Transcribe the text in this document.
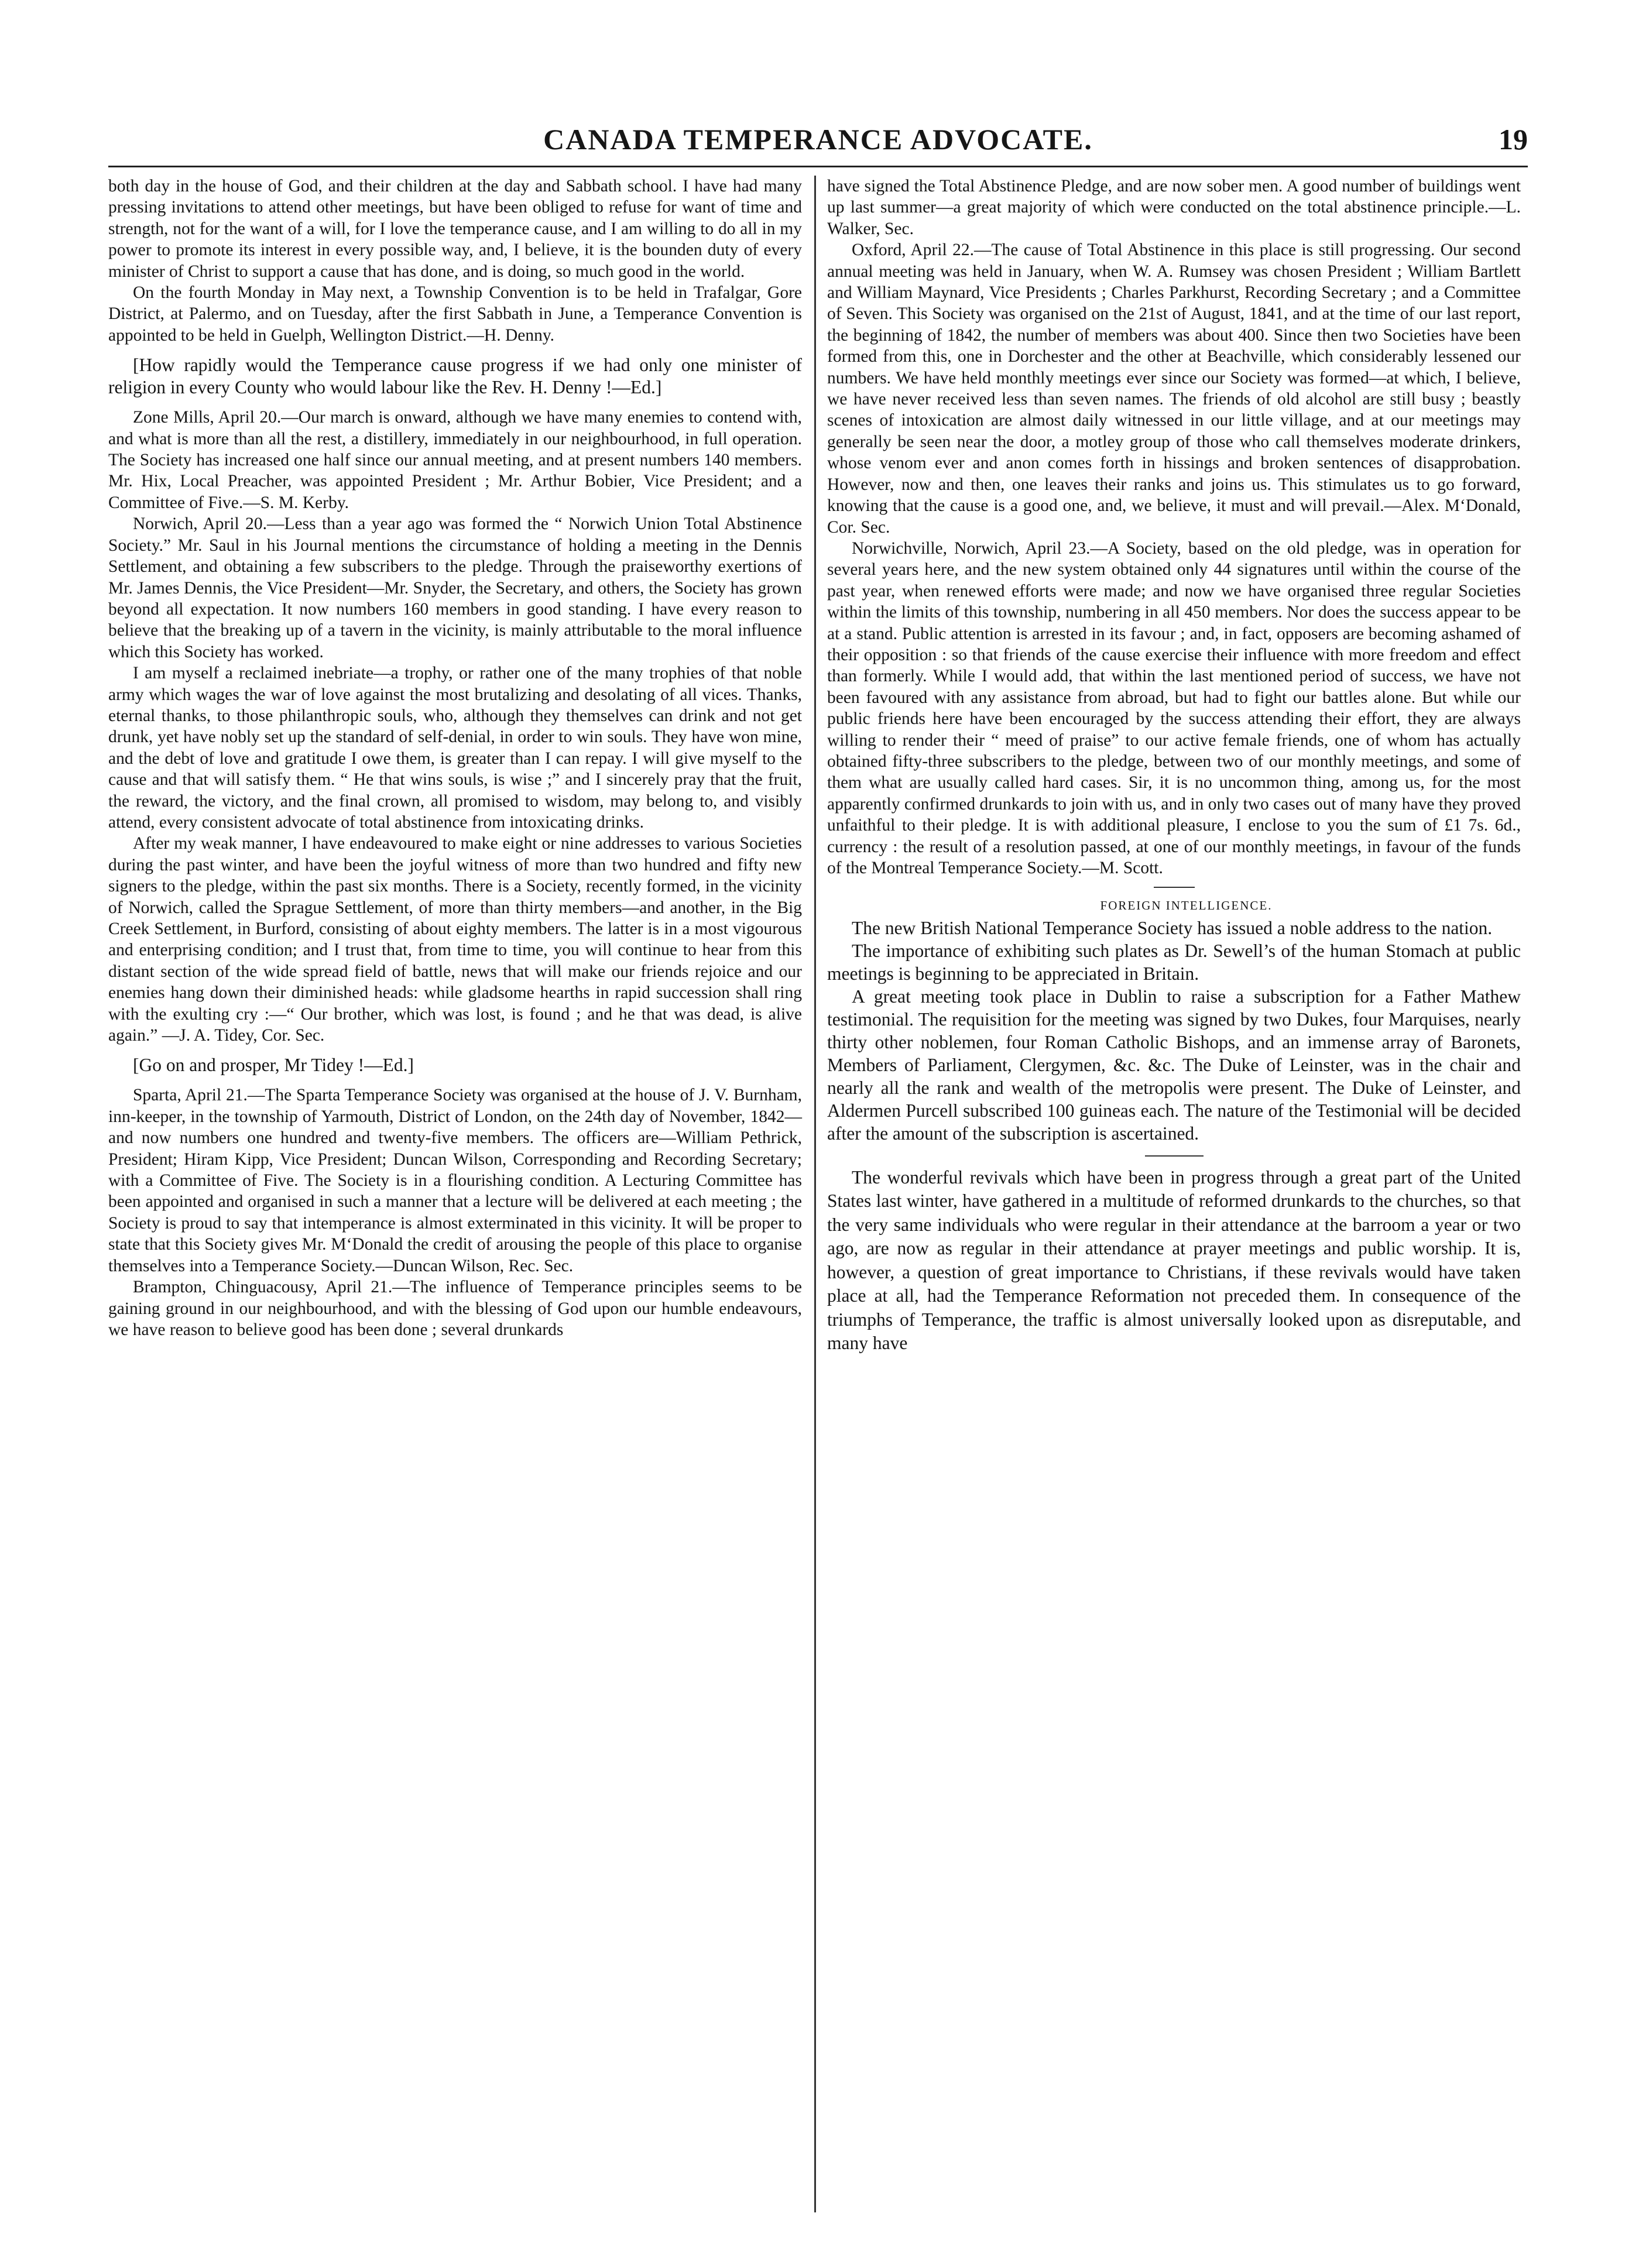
CANADA TEMPERANCE ADVOCATE.	19

both day in the house of God, and their children at the day and Sabbath school. I have had many pressing invitations to attend other meetings, but have been obliged to refuse for want of time and strength, not for the want of a will, for I love the temperance cause, and I am willing to do all in my power to promote its interest in every possible way, and, I believe, it is the bounden duty of every minister of Christ to support a cause that has done, and is doing, so much good in the world.

On the fourth Monday in May next, a Township Convention is to be held in Trafalgar, Gore District, at Palermo, and on Tuesday, after the first Sabbath in June, a Temperance Convention is appointed to be held in Guelph, Wellington District.—H. Denny.

[How rapidly would the Temperance cause progress if we had only one minister of religion in every County who would labour like the Rev. H. Denny !—Ed.]

Zone Mills, April 20.—Our march is onward, although we have many enemies to contend with, and what is more than all the rest, a distillery, immediately in our neighbourhood, in full operation. The Society has increased one half since our annual meeting, and at present numbers 140 members. Mr. Hix, Local Preacher, was appointed President ; Mr. Arthur Bobier, Vice President; and a Committee of Five.—S. M. Kerby.

Norwich, April 20.—Less than a year ago was formed the “ Norwich Union Total Abstinence Society.” Mr. Saul in his Journal mentions the circumstance of holding a meeting in the Dennis Settlement, and obtaining a few subscribers to the pledge. Through the praiseworthy exertions of Mr. James Dennis, the Vice President—Mr. Snyder, the Secretary, and others, the Society has grown beyond all expectation. It now numbers 160 members in good standing. I have every reason to believe that the breaking up of a tavern in the vicinity, is mainly attributable to the moral influence which this Society has worked.

I am myself a reclaimed inebriate—a trophy, or rather one of the many trophies of that noble army which wages the war of love against the most brutalizing and desolating of all vices. Thanks, eternal thanks, to those philanthropic souls, who, although they themselves can drink and not get drunk, yet have nobly set up the standard of self-denial, in order to win souls. They have won mine, and the debt of love and gratitude I owe them, is greater than I can repay. I will give myself to the cause and that will satisfy them. “ He that wins souls, is wise ;” and I sincerely pray that the fruit, the reward, the victory, and the final crown, all promised to wisdom, may belong to, and visibly attend, every consistent advocate of total abstinence from intoxicating drinks.

After my weak manner, I have endeavoured to make eight or nine addresses to various Societies during the past winter, and have been the joyful witness of more than two hundred and fifty new signers to the pledge, within the past six months. There is a Society, recently formed, in the vicinity of Norwich, called the Sprague Settlement, of more than thirty members—and another, in the Big Creek Settlement, in Burford, consisting of about eighty members. The latter is in a most vigourous and enterprising condition; and I trust that, from time to time, you will continue to hear from this distant section of the wide spread field of battle, news that will make our friends rejoice and our enemies hang down their diminished heads: while gladsome hearths in rapid succession shall ring with the exulting cry :—“ Our brother, which was lost, is found ; and he that was dead, is alive again.” —J. A. Tidey, Cor. Sec.

[Go on and prosper, Mr Tidey !—Ed.]

Sparta, April 21.—The Sparta Temperance Society was organised at the house of J. V. Burnham, inn-keeper, in the township of Yarmouth, District of London, on the 24th day of November, 1842—and now numbers one hundred and twenty-five members. The officers are—William Pethrick, President; Hiram Kipp, Vice President; Duncan Wilson, Corresponding and Recording Secretary; with a Committee of Five. The Society is in a flourishing condition. A Lecturing Committee has been appointed and organised in such a manner that a lecture will be delivered at each meeting ; the Society is proud to say that intemperance is almost exterminated in this vicinity. It will be proper to state that this Society gives Mr. M‘Donald the credit of arousing the people of this place to organise themselves into a Temperance Society.—Duncan Wilson, Rec. Sec.

Brampton, Chinguacousy, April 21.—The influence of Temperance principles seems to be gaining ground in our neighbourhood, and with the blessing of God upon our humble endeavours, we have reason to believe good has been done ; several drunkards

have signed the Total Abstinence Pledge, and are now sober men. A good number of buildings went up last summer—a great majority of which were conducted on the total abstinence principle.—L. Walker, Sec.

Oxford, April 22.—The cause of Total Abstinence in this place is still progressing. Our second annual meeting was held in January, when W. A. Rumsey was chosen President ; William Bartlett and William Maynard, Vice Presidents ; Charles Parkhurst, Recording Secretary ; and a Committee of Seven. This Society was organised on the 21st of August, 1841, and at the time of our last report, the beginning of 1842, the number of members was about 400. Since then two Societies have been formed from this, one in Dorchester and the other at Beachville, which considerably lessened our numbers. We have held monthly meetings ever since our Society was formed—at which, I believe, we have never received less than seven names. The friends of old alcohol are still busy ; beastly scenes of intoxication are almost daily witnessed in our little village, and at our meetings may generally be seen near the door, a motley group of those who call themselves moderate drinkers, whose venom ever and anon comes forth in hissings and broken sentences of disapprobation. However, now and then, one leaves their ranks and joins us. This stimulates us to go forward, knowing that the cause is a good one, and, we believe, it must and will prevail.—Alex. M‘Donald, Cor. Sec.

Norwichville, Norwich, April 23.—A Society, based on the old pledge, was in operation for several years here, and the new system obtained only 44 signatures until within the course of the past year, when renewed efforts were made; and now we have organised three regular Societies within the limits of this township, numbering in all 450 members. Nor does the success appear to be at a stand. Public attention is arrested in its favour ; and, in fact, opposers are becoming ashamed of their opposition : so that friends of the cause exercise their influence with more freedom and effect than formerly. While I would add, that within the last mentioned period of success, we have not been favoured with any assistance from abroad, but had to fight our battles alone. But while our public friends here have been encouraged by the success attending their effort, they are always willing to render their “ meed of praise” to our active female friends, one of whom has actually obtained fifty-three subscribers to the pledge, between two of our monthly meetings, and some of them what are usually called hard cases. Sir, it is no uncommon thing, among us, for the most apparently confirmed drunkards to join with us, and in only two cases out of many have they proved unfaithful to their pledge. It is with additional pleasure, I enclose to you the sum of £1 7s. 6d., currency : the result of a resolution passed, at one of our monthly meetings, in favour of the funds of the Montreal Temperance Society.—M. Scott.

FOREIGN INTELLIGENCE.

The new British National Temperance Society has issued a noble address to the nation.

The importance of exhibiting such plates as Dr. Sewell’s of the human Stomach at public meetings is beginning to be appreciated in Britain.

A great meeting took place in Dublin to raise a subscription for a Father Mathew testimonial. The requisition for the meeting was signed by two Dukes, four Marquises, nearly thirty other noblemen, four Roman Catholic Bishops, and an immense array of Baronets, Members of Parliament, Clergymen, &c. &c. The Duke of Leinster, was in the chair and nearly all the rank and wealth of the metropolis were present. The Duke of Leinster, and Aldermen Purcell subscribed 100 guineas each. The nature of the Testimonial will be decided after the amount of the subscription is ascertained.

The wonderful revivals which have been in progress through a great part of the United States last winter, have gathered in a multitude of reformed drunkards to the churches, so that the very same individuals who were regular in their attendance at the barroom a year or two ago, are now as regular in their attendance at prayer meetings and public worship. It is, however, a question of great importance to Christians, if these revivals would have taken place at all, had the Temperance Reformation not preceded them. In consequence of the triumphs of Temperance, the traffic is almost universally looked upon as disreputable, and many have
